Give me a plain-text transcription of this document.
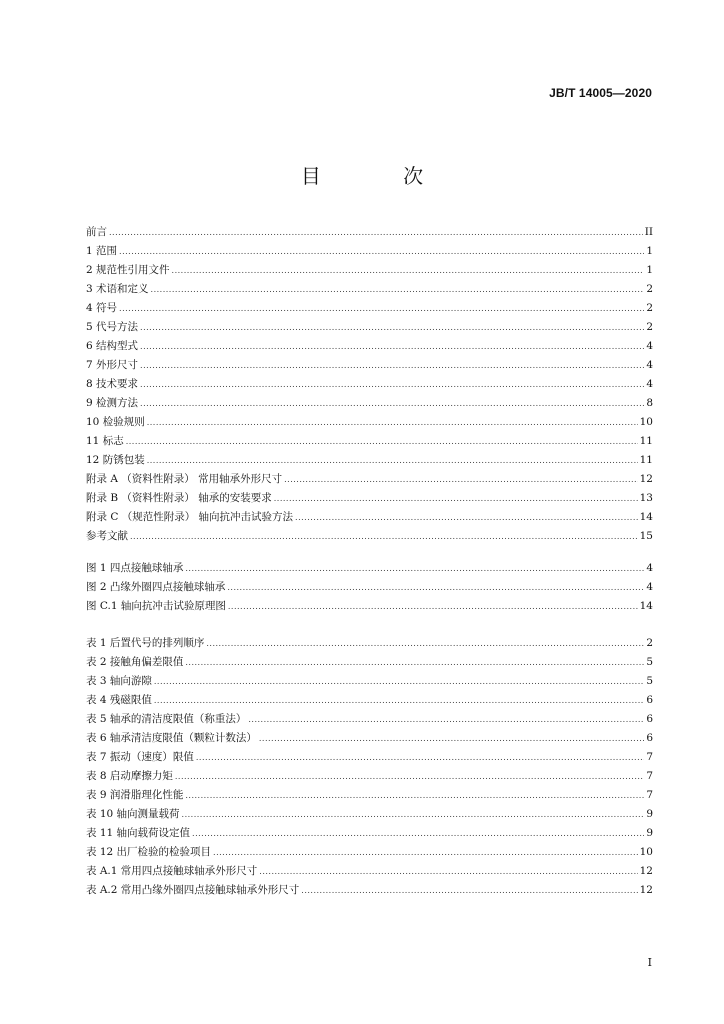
JB/T 14005—2020
目 次
前言 .....	II
1 范围 .....	1
2 规范性引用文件 .....	1
3 术语和定义 .....	2
4 符号 .....	2
5 代号方法 .....	2
6 结构型式 .....	4
7 外形尺寸 .....	4
8 技术要求 .....	4
9 检测方法 .....	8
10 检验规则 .....	10
11 标志 .....	11
12 防锈包装 .....	11
附录 A （资料性附录） 常用轴承外形尺寸 .....	12
附录 B （资料性附录） 轴承的安装要求 .....	13
附录 C （规范性附录） 轴向抗冲击试验方法 .....	14
参考文献 .....	15
图 1 四点接触球轴承 .....	4
图 2 凸缘外圈四点接触球轴承 .....	4
图 C.1 轴向抗冲击试验原理图 .....	14
表 1 后置代号的排列顺序 .....	2
表 2 接触角偏差限值 .....	5
表 3 轴向游隙 .....	5
表 4 残磁限值 .....	6
表 5 轴承的清洁度限值（称重法） .....	6
表 6 轴承清洁度限值（颗粒计数法） .....	6
表 7 振动（速度）限值 .....	7
表 8 启动摩擦力矩 .....	7
表 9 润滑脂理化性能 .....	7
表 10 轴向测量载荷 .....	9
表 11 轴向载荷设定值 .....	9
表 12 出厂检验的检验项目 .....	10
表 A.1 常用四点接触球轴承外形尺寸 .....	12
表 A.2 常用凸缘外圈四点接触球轴承外形尺寸 .....	12
I
